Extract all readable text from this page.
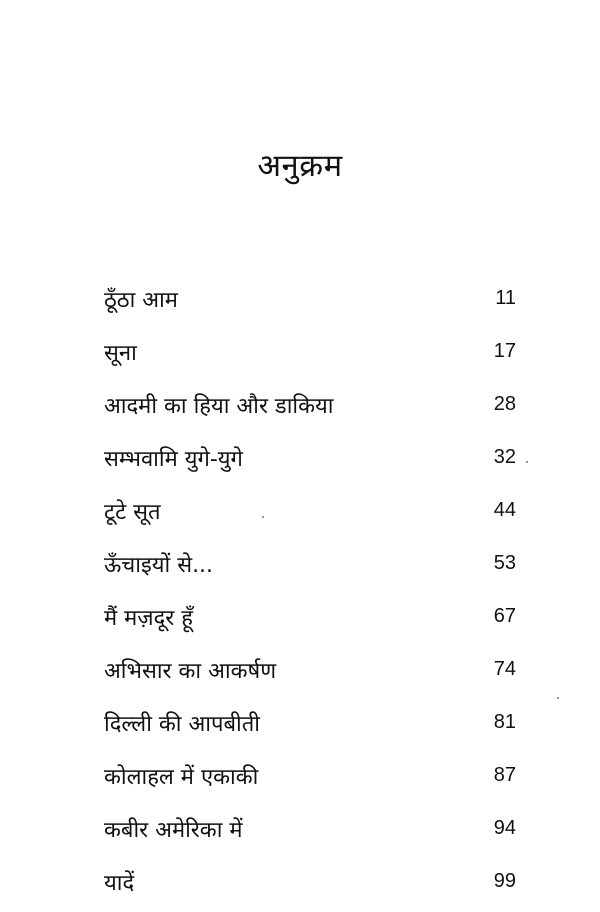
अनुक्रम
ठूँठा आम	11
सूना	17
आदमी का हिया और डाकिया	28
सम्भवामि युगे-युगे	32
टूटे सूत	44
ऊँचाइयों से...	53
मैं मज़दूर हूँ	67
अभिसार का आकर्षण	74
दिल्ली की आपबीती	81
कोलाहल में एकाकी	87
कबीर अमेरिका में	94
यादें	99
